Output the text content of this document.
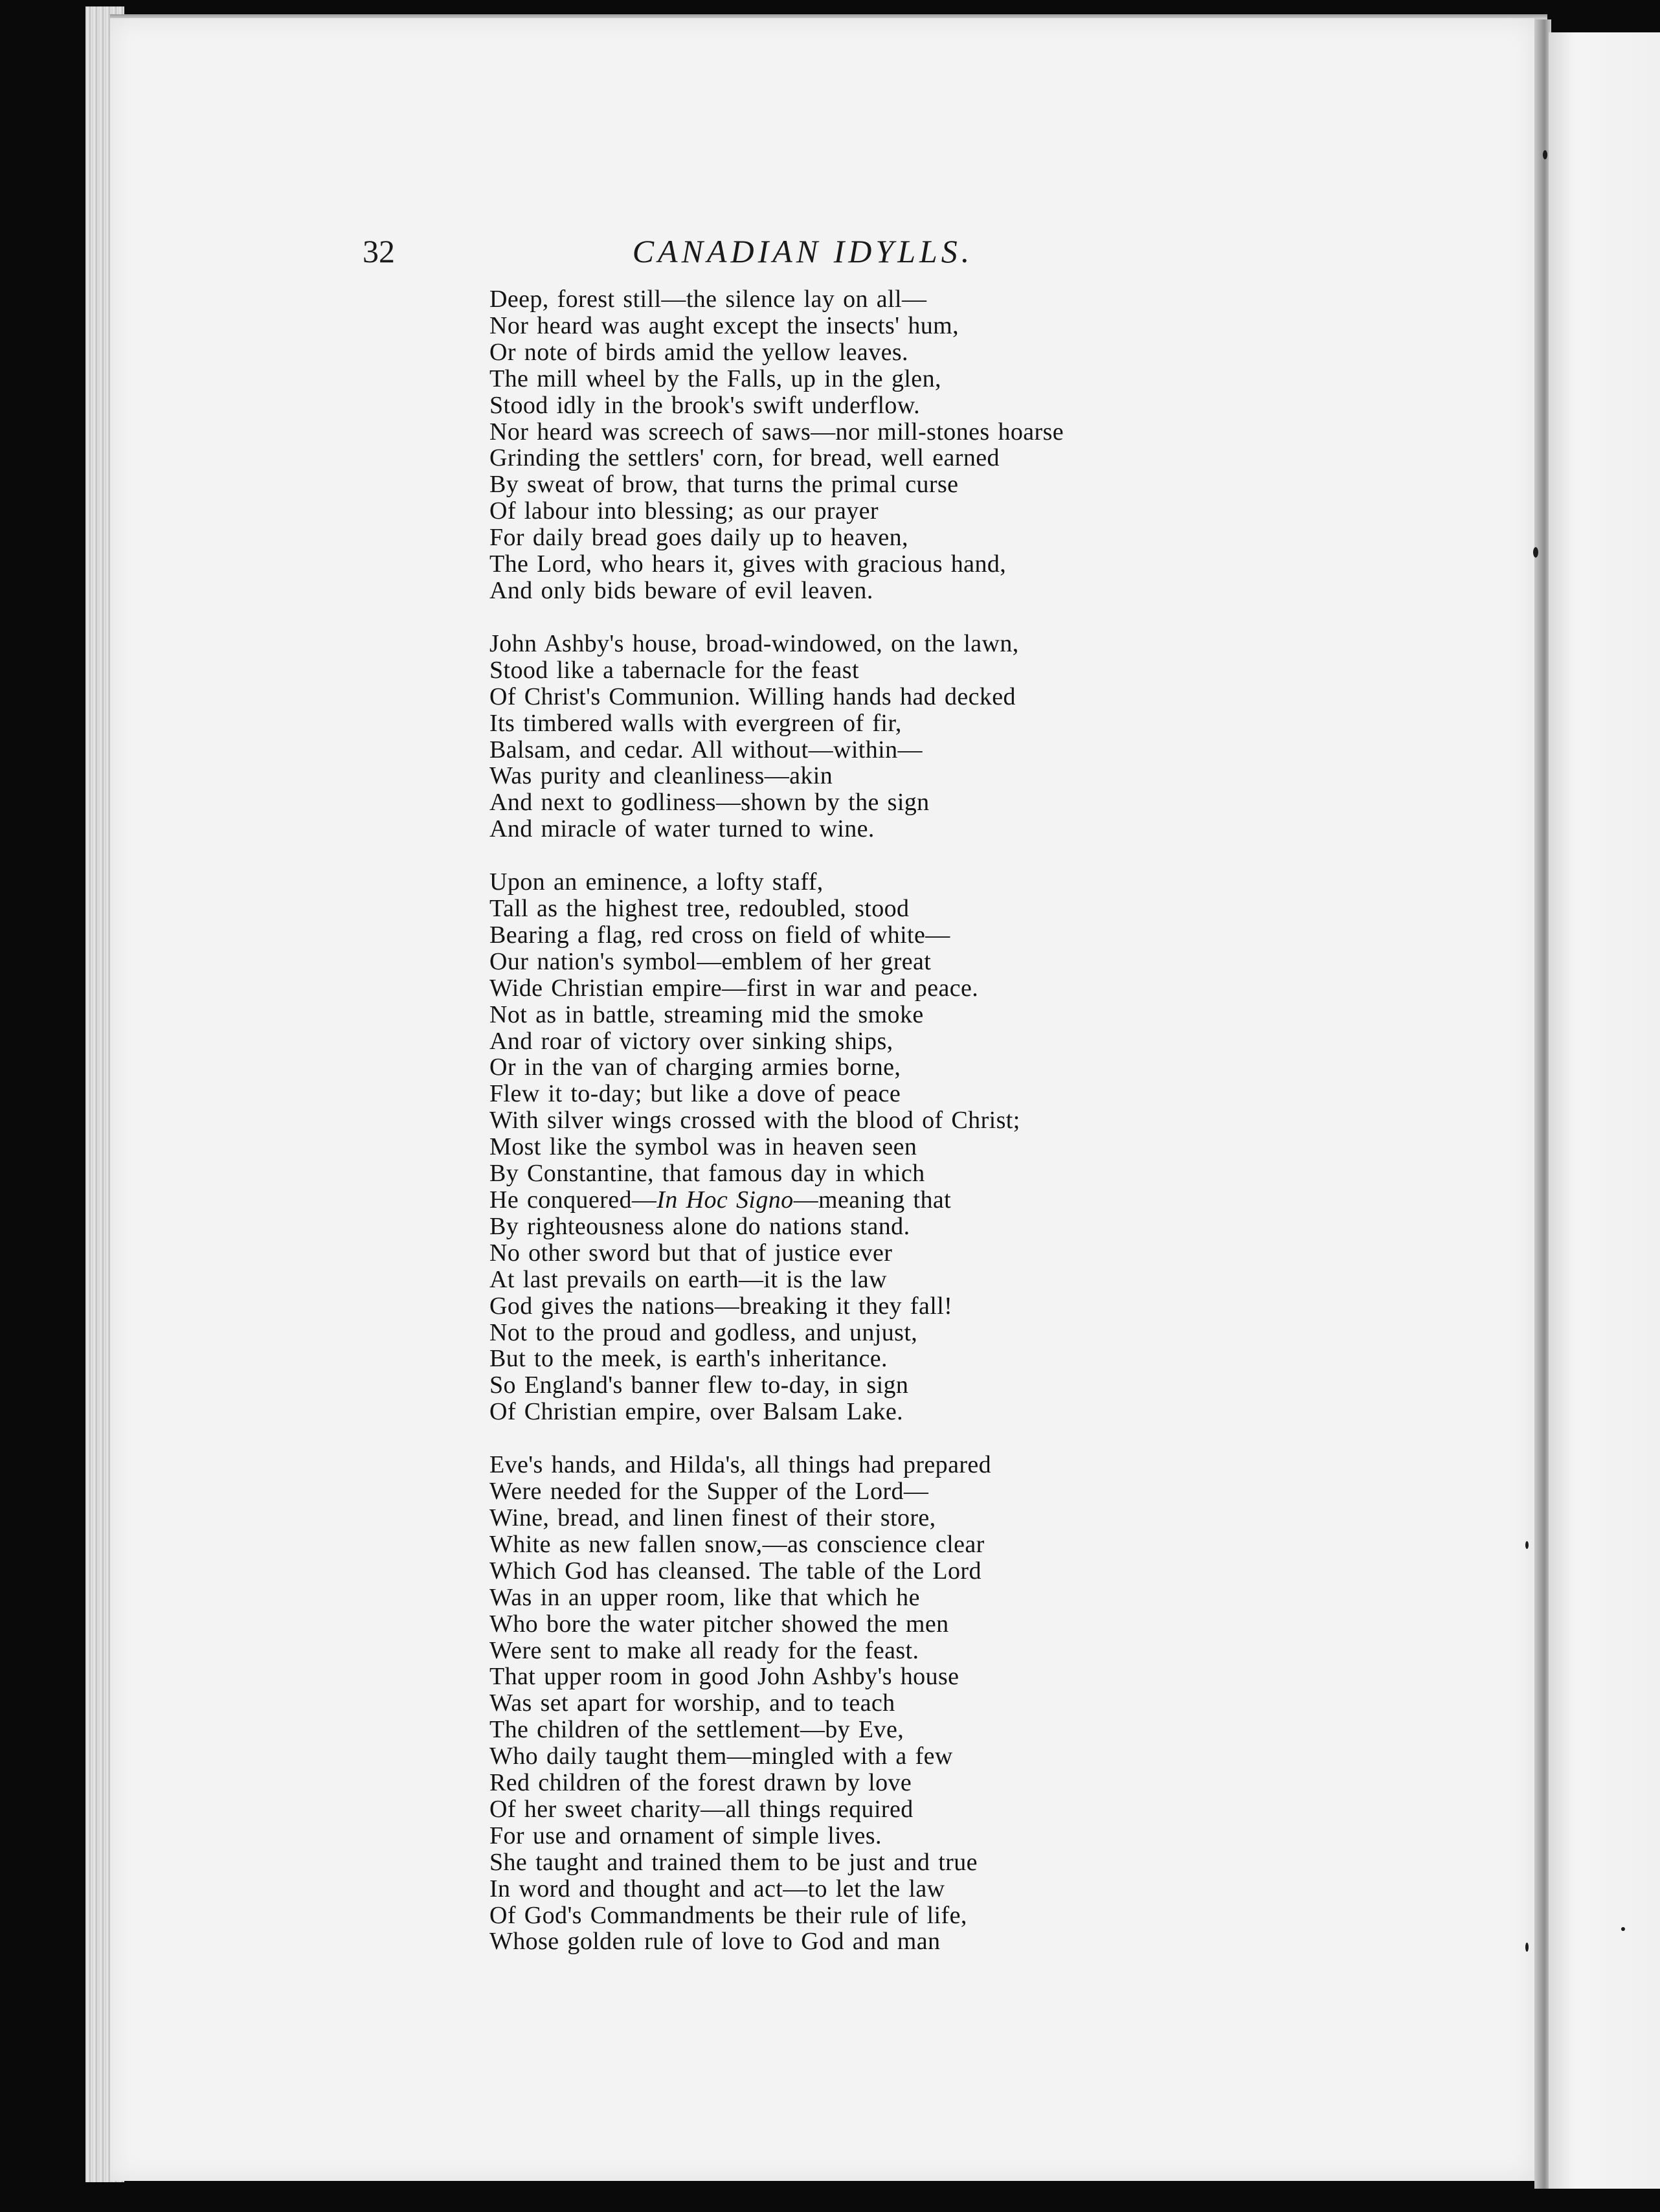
32	CANADIAN IDYLLS.
Deep, forest still—the silence lay on all—
Nor heard was aught except the insects' hum,
Or note of birds amid the yellow leaves.
The mill wheel by the Falls, up in the glen,
Stood idly in the brook's swift underflow.
Nor heard was screech of saws—nor mill-stones hoarse
Grinding the settlers' corn, for bread, well earned
By sweat of brow, that turns the primal curse
Of labour into blessing; as our prayer
For daily bread goes daily up to heaven,
The Lord, who hears it, gives with gracious hand,
And only bids beware of evil leaven.
John Ashby's house, broad-windowed, on the lawn,
Stood like a tabernacle for the feast
Of Christ's Communion. Willing hands had decked
Its timbered walls with evergreen of fir,
Balsam, and cedar. All without—within—
Was purity and cleanliness—akin
And next to godliness—shown by the sign
And miracle of water turned to wine.
Upon an eminence, a lofty staff,
Tall as the highest tree, redoubled, stood
Bearing a flag, red cross on field of white—
Our nation's symbol—emblem of her great
Wide Christian empire—first in war and peace.
Not as in battle, streaming mid the smoke
And roar of victory over sinking ships,
Or in the van of charging armies borne,
Flew it to-day; but like a dove of peace
With silver wings crossed with the blood of Christ;
Most like the symbol was in heaven seen
By Constantine, that famous day in which
He conquered—In Hoc Signo—meaning that
By righteousness alone do nations stand.
No other sword but that of justice ever
At last prevails on earth—it is the law
God gives the nations—breaking it they fall!
Not to the proud and godless, and unjust,
But to the meek, is earth's inheritance.
So England's banner flew to-day, in sign
Of Christian empire, over Balsam Lake.
Eve's hands, and Hilda's, all things had prepared
Were needed for the Supper of the Lord—
Wine, bread, and linen finest of their store,
White as new fallen snow,—as conscience clear
Which God has cleansed. The table of the Lord
Was in an upper room, like that which he
Who bore the water pitcher showed the men
Were sent to make all ready for the feast.
That upper room in good John Ashby's house
Was set apart for worship, and to teach
The children of the settlement—by Eve,
Who daily taught them—mingled with a few
Red children of the forest drawn by love
Of her sweet charity—all things required
For use and ornament of simple lives.
She taught and trained them to be just and true
In word and thought and act—to let the law
Of God's Commandments be their rule of life,
Whose golden rule of love to God and man
